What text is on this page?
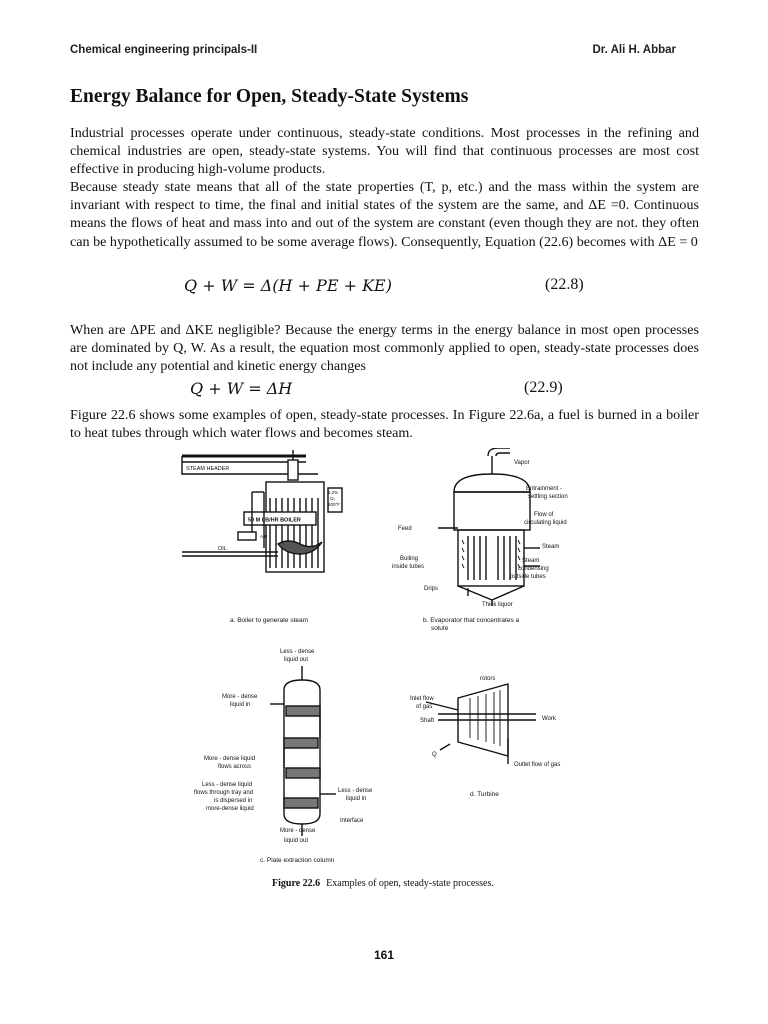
Chemical engineering principals-II	Dr. Ali H. Abbar
Energy Balance for Open, Steady-State Systems

Industrial processes operate under continuous, steady-state conditions. Most processes in the refining and chemical industries are open, steady-state systems. You will find that continuous processes are most cost effective in producing high-volume products.

Because steady state means that all of the state properties (T, p, etc.) and the mass within the system are invariant with respect to time, the final and initial states of the system are the same, and ΔE =0. Continuous means the flows of heat and mass into and out of the system are constant (even though they are not. they often can be hypothetically assumed to be some average flows). Consequently, Equation (22.6) becomes with ΔE = 0

Q + W = Δ(H + PE + KE)	(22.8)

When are ΔPE and ΔKE negligible? Because the energy terms in the energy balance in most open processes are dominated by Q, W. As a result, the equation most commonly applied to open, steady-state processes does not include any potential and kinetic energy changes

Q + W = ΔH	(22.9)

Figure 22.6 shows some examples of open, steady-state processes. In Figure 22.6a, a fuel is burned in a boiler to heat tubes through which water flows and becomes steam.

STEAM HEADER
50 M LB/HR BOILER
6.2%
O₂
600°F
OIL
AIR
a. Boiler to generate steam
Vapor
Entrainment -
settling section
Flow of
circulating liquid
Feed
Steam
Boiling
inside tubes
Steam
condensing
outside tubes
Drips
Thick liquor
b. Evaporator that concentrates a
solute
Less - dense
liquid out
More - dense
liquid in
More - dense liquid
flows across
Less - dense liquid
flows through tray and
is dispersed in
more-dense liquid
Less - dense
liquid in
Interface
More - dense
liquid out
c. Plate extraction column
rotors
Inlet flow
of gas
Shaft	Work
Q
Outlet flow of gas
d. Turbine
Figure 22.6 Examples of open, steady-state processes.
161
